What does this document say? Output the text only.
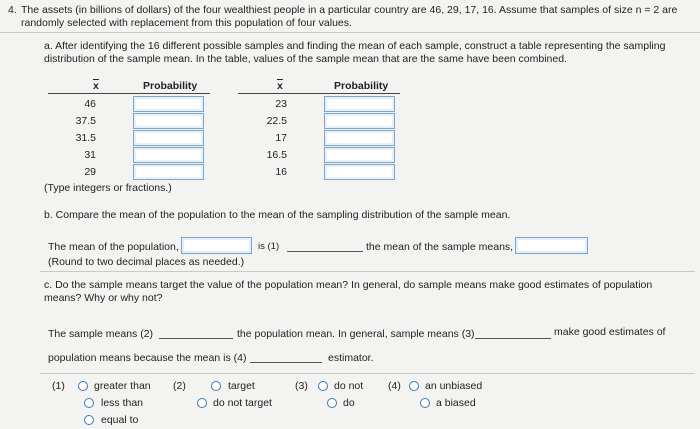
4. The assets (in billions of dollars) of the four wealthiest people in a particular country are 46, 29, 17, 16. Assume that samples of size n = 2 are randomly selected with replacement from this population of four values.
a. After identifying the 16 different possible samples and finding the mean of each sample, construct a table representing the sampling distribution of the sample mean. In the table, values of the sample mean that are the same have been combined.
$\overline{x}$	Probability
46
37.5
31.5
31
29
$\overline{x}$	Probability
23
22.5
17
16.5
16
(Type integers or fractions.)
b. Compare the mean of the population to the mean of the sampling distribution of the sample mean.
The mean of the population,	is (1)	the mean of the sample means,
(Round to two decimal places as needed.)
c. Do the sample means target the value of the population mean? In general, do sample means make good estimates of population means? Why or why not?
The sample means (2)	the population mean. In general, sample means (3)	make good estimates of
population means because the mean is (4)	estimator.
(1)	greater than
less than
equal to
(2)	target
do not target
(3) do not
do
(4) an unbiased
a biased
